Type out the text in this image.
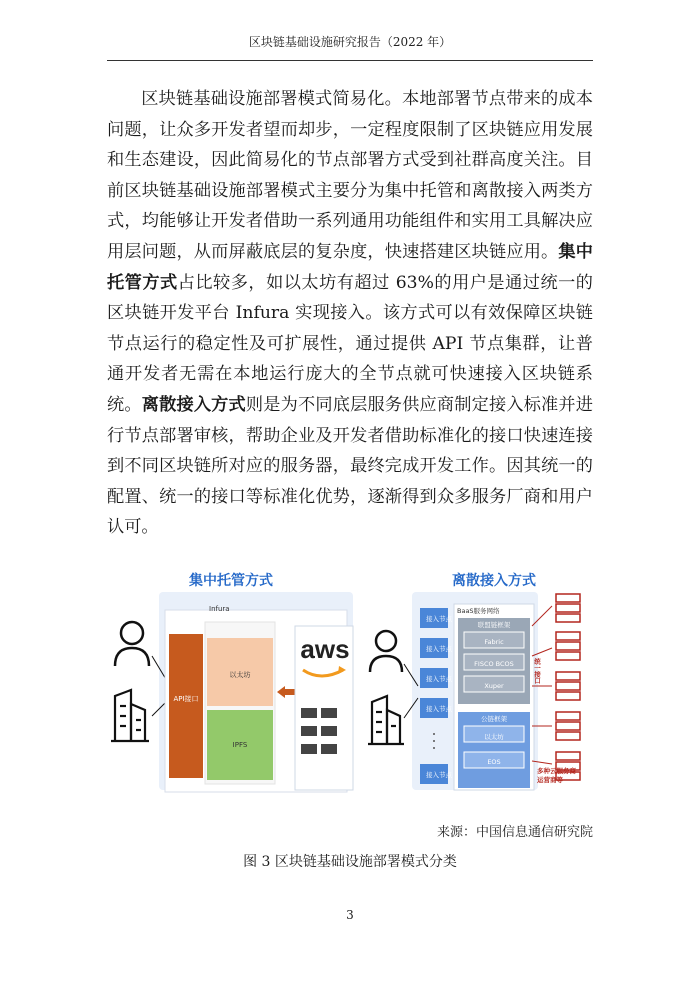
区块链基础设施研究报告（2022 年）

区块链基础设施部署模式简易化。本地部署节点带来的成本问题，让众多开发者望而却步，一定程度限制了区块链应用发展和生态建设，因此简易化的节点部署方式受到社群高度关注。目前区块链基础设施部署模式主要分为集中托管和离散接入两类方式，均能够让开发者借助一系列通用功能组件和实用工具解决应用层问题，从而屏蔽底层的复杂度，快速搭建区块链应用。集中托管方式占比较多，如以太坊有超过 63%的用户是通过统一的区块链开发平台 Infura 实现接入。该方式可以有效保障区块链节点运行的稳定性及可扩展性，通过提供 API 节点集群，让普通开发者无需在本地运行庞大的全节点就可快速接入区块链系统。离散接入方式则是为不同底层服务供应商制定接入标准并进行节点部署审核，帮助企业及开发者借助标准化的接口快速连接到不同区块链所对应的服务器，最终完成开发工作。因其统一的配置、统一的接口等标准化优势，逐渐得到众多服务厂商和用户认可。

集中托管方式
Infura
API接口
以太坊
IPFS
aws
离散接入方式
BaaS服务网络
接入节点
接入节点
接入节点
接入节点
接入节点
联盟链框架
Fabric
FISCO BCOS
Xuper
公链框架
以太坊
EOS
统一接口
多种云服务商运营商等
来源：中国信息通信研究院
图 3 区块链基础设施部署模式分类
3
